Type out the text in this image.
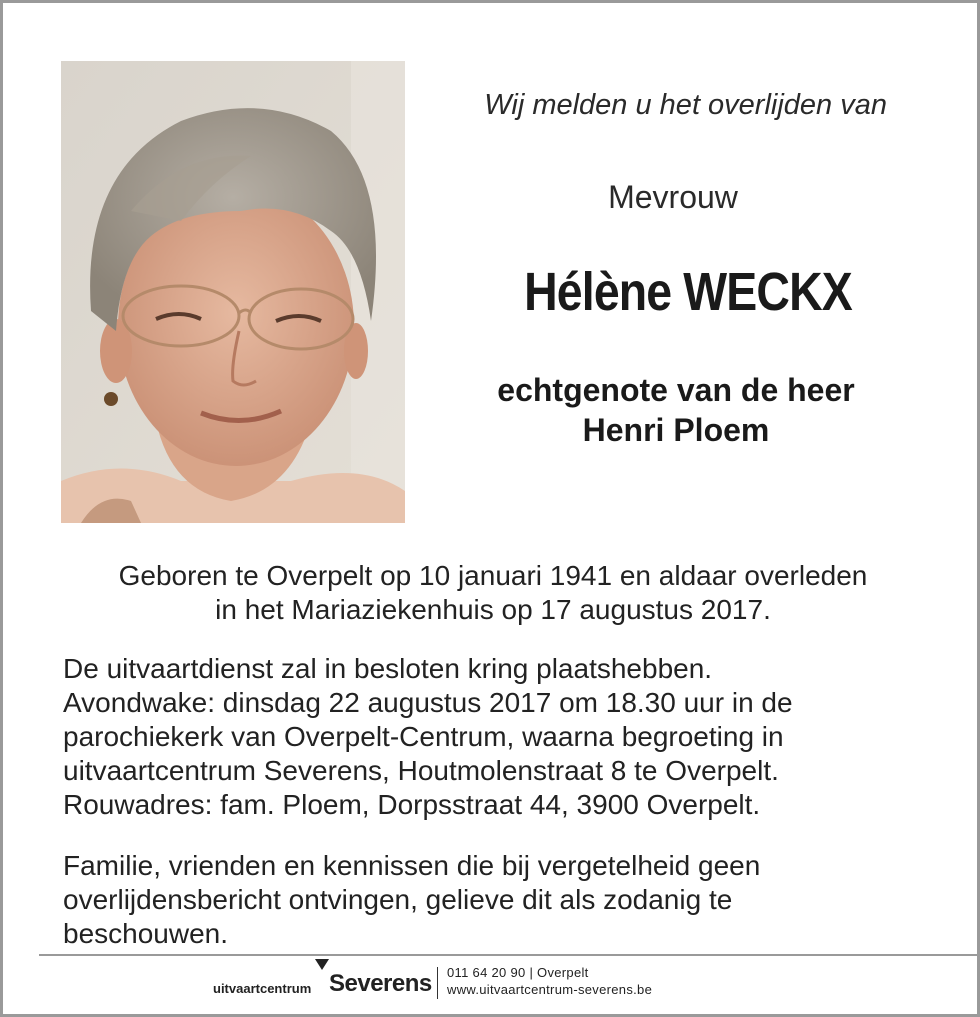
Wij melden u het overlijden van
Mevrouw
Hélène WECKX
echtgenote van de heer
Henri Ploem
Geboren te Overpelt op 10 januari 1941 en aldaar overleden
in het Mariaziekenhuis op 17 augustus 2017.
De uitvaartdienst zal in besloten kring plaatshebben.
Avondwake: dinsdag 22 augustus 2017 om 18.30 uur in de
parochiekerk van Overpelt-Centrum, waarna begroeting in
uitvaartcentrum Severens, Houtmolenstraat 8 te Overpelt.
Rouwadres: fam. Ploem, Dorpsstraat 44, 3900 Overpelt.
Familie, vrienden en kennissen die bij vergetelheid geen
overlijdensbericht ontvingen, gelieve dit als zodanig te
beschouwen.
uitvaartcentrum Severens 011 64 20 90 | Overpelt
www.uitvaartcentrum-severens.be
